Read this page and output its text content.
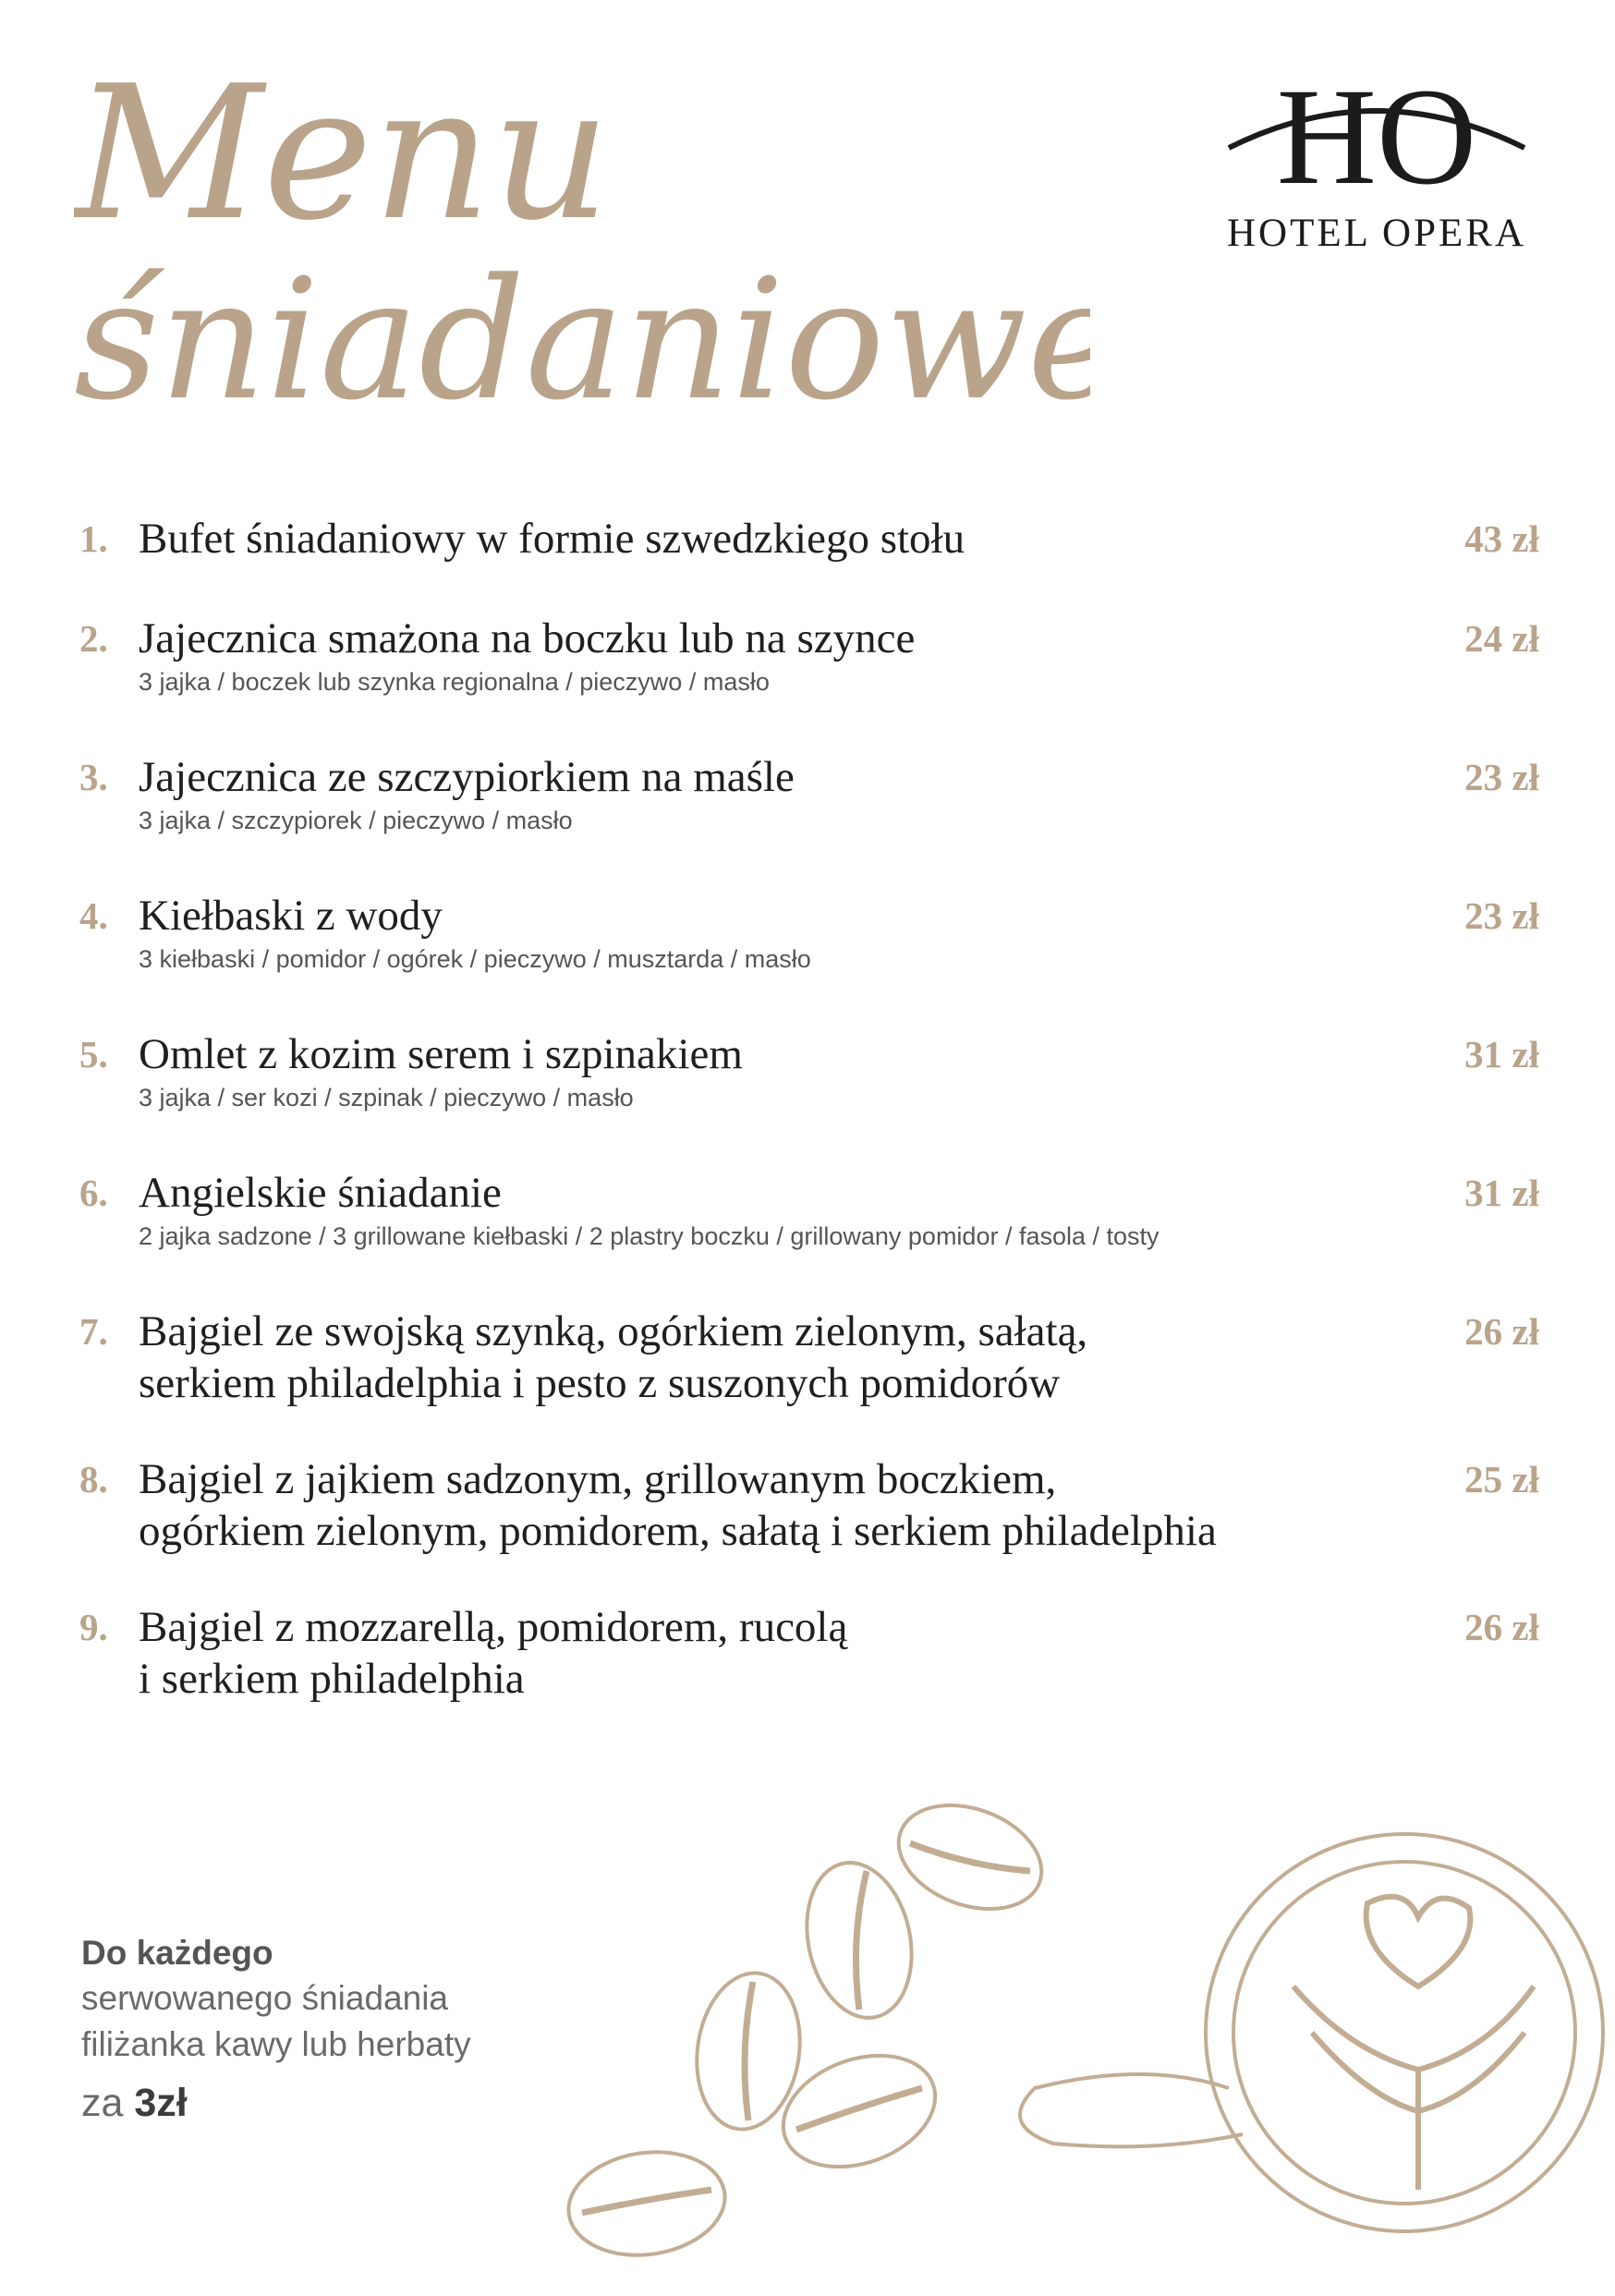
Menu
śniadaniowe
HO
HOTEL OPERA
1. Bufet śniadaniowy w formie szwedzkiego stołu	43 zł
2. Jajecznica smażona na boczku lub na szynce
3 jajka / boczek lub szynka regionalna / pieczywo / masło
24 zł
3. Jajecznica ze szczypiorkiem na maśle
3 jajka / szczypiorek / pieczywo / masło
23 zł
4. Kiełbaski z wody
3 kiełbaski / pomidor / ogórek / pieczywo / musztarda / masło
23 zł
5. Omlet z kozim serem i szpinakiem
3 jajka / ser kozi / szpinak / pieczywo / masło
31 zł
6. Angielskie śniadanie
2 jajka sadzone / 3 grillowane kiełbaski / 2 plastry boczku / grillowany pomidor / fasola / tosty
31 zł
7. Bajgiel ze swojską szynką, ogórkiem zielonym, sałatą,
serkiem philadelphia i pesto z suszonych pomidorów
26 zł
8. Bajgiel z jajkiem sadzonym, grillowanym boczkiem,
ogórkiem zielonym, pomidorem, sałatą i serkiem philadelphia
25 zł
9. Bajgiel z mozzarellą, pomidorem, rucolą
i serkiem philadelphia
26 zł
Do każdego
serwowanego śniadania
filiżanka kawy lub herbaty
za 3zł
